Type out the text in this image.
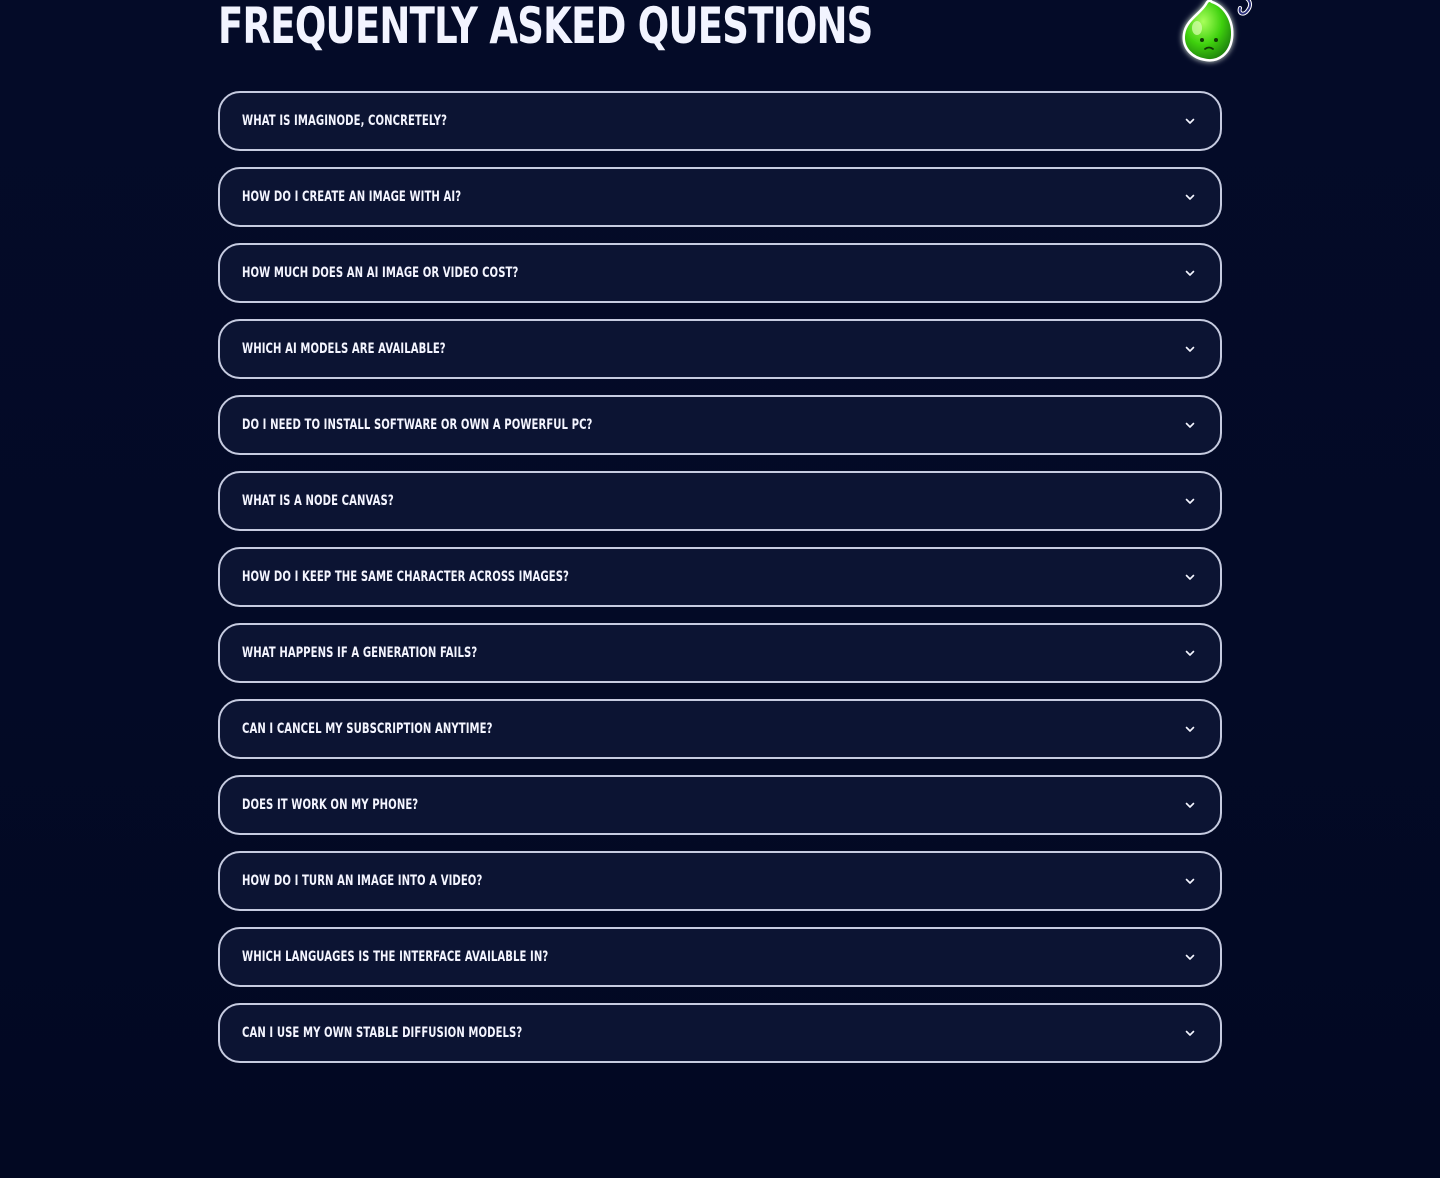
FREQUENTLY ASKED QUESTIONS
WHAT IS IMAGINODE, CONCRETELY?
HOW DO I CREATE AN IMAGE WITH AI?
HOW MUCH DOES AN AI IMAGE OR VIDEO COST?
WHICH AI MODELS ARE AVAILABLE?
DO I NEED TO INSTALL SOFTWARE OR OWN A POWERFUL PC?
WHAT IS A NODE CANVAS?
HOW DO I KEEP THE SAME CHARACTER ACROSS IMAGES?
WHAT HAPPENS IF A GENERATION FAILS?
CAN I CANCEL MY SUBSCRIPTION ANYTIME?
DOES IT WORK ON MY PHONE?
HOW DO I TURN AN IMAGE INTO A VIDEO?
WHICH LANGUAGES IS THE INTERFACE AVAILABLE IN?
CAN I USE MY OWN STABLE DIFFUSION MODELS?
